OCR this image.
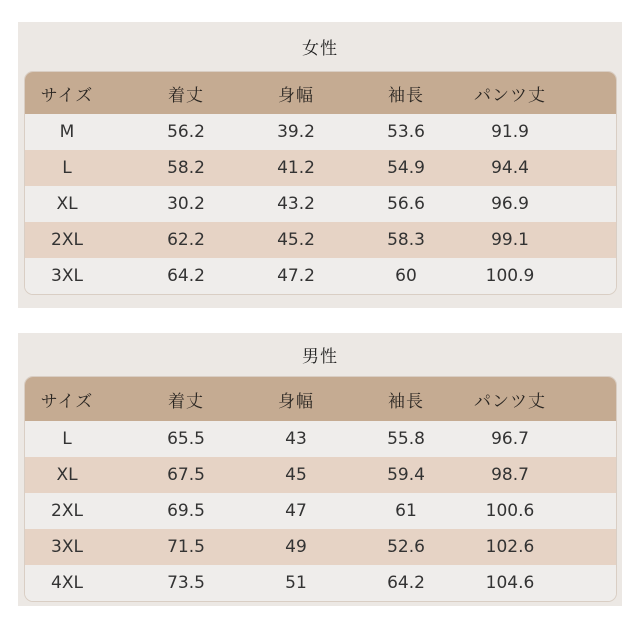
女性
サイズ	着丈	身幅	袖長	パンツ丈
M	56.2	39.2	53.6	91.9
L	58.2	41.2	54.9	94.4
XL	30.2	43.2	56.6	96.9
2XL	62.2	45.2	58.3	99.1
3XL	64.2	47.2	60	100.9
男性
サイズ	着丈	身幅	袖長	パンツ丈
L	65.5	43	55.8	96.7
XL	67.5	45	59.4	98.7
2XL	69.5	47	61	100.6
3XL	71.5	49	52.6	102.6
4XL	73.5	51	64.2	104.6
